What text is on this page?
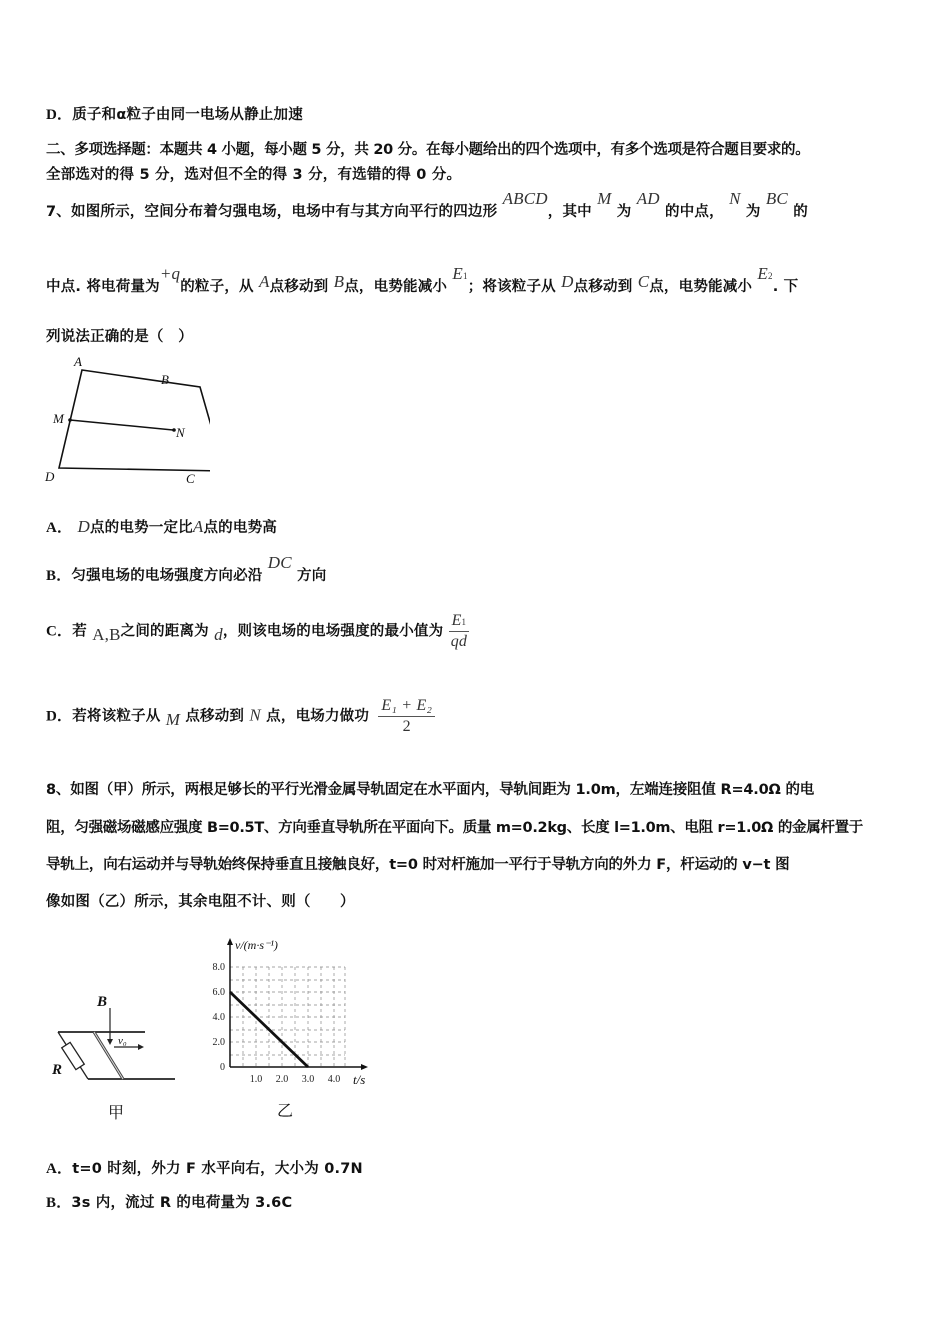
D．质子和α粒子由同一电场从静止加速
二、多项选择题：本题共 4 小题，每小题 5 分，共 20 分。在每小题给出的四个选项中，有多个选项是符合题目要求的。
全部选对的得 5 分，选对但不全的得 3 分，有选错的得 0 分。
7、如图所示，空间分布着匀强电场，电场中有与其方向平行的四边形 ABCD，其中 M 为 AD 的中点， N 为 BC 的
中点. 将电荷量为+q的粒子，从 A点移动到 B点，电势能减小 E1；将该粒子从 D点移动到 C点，电势能减小 E2. 下
列说法正确的是（　）
A
B
M
N
D	C
A． D点的电势一定比A点的电势高
B．匀强电场的电场强度方向必沿 DC 方向
C．若 A,B之间的距离为 d，则该电场的电场强度的最小值为 $\frac{E1}{qd}$
D．若将该粒子从 M 点移动到 N 点，电场力做功 $\frac{\text{E₁ + E₂}}{2}$
8、如图（甲）所示，两根足够长的平行光滑金属导轨固定在水平面内，导轨间距为 1.0m，左端连接阻值 R=4.0Ω 的电
阻，匀强磁场磁感应强度 B=0.5T、方向垂直导轨所在平面向下。质量 m=0.2kg、长度 l=1.0m、电阻 r=1.0Ω 的金属杆置于
导轨上，向右运动并与导轨始终保持垂直且接触良好，t=0 时对杆施加一平行于导轨方向的外力 F，杆运动的 v−t 图
像如图（乙）所示，其余电阻不计、则（　　）
B
R
v₀
甲
0
2.0
4.0
6.0
8.0
1.0 2.0 3.0 4.0
v/(m·s⁻¹)
t/s
乙
A．t=0 时刻，外力 F 水平向右，大小为 0.7N
B．3s 内，流过 R 的电荷量为 3.6C
